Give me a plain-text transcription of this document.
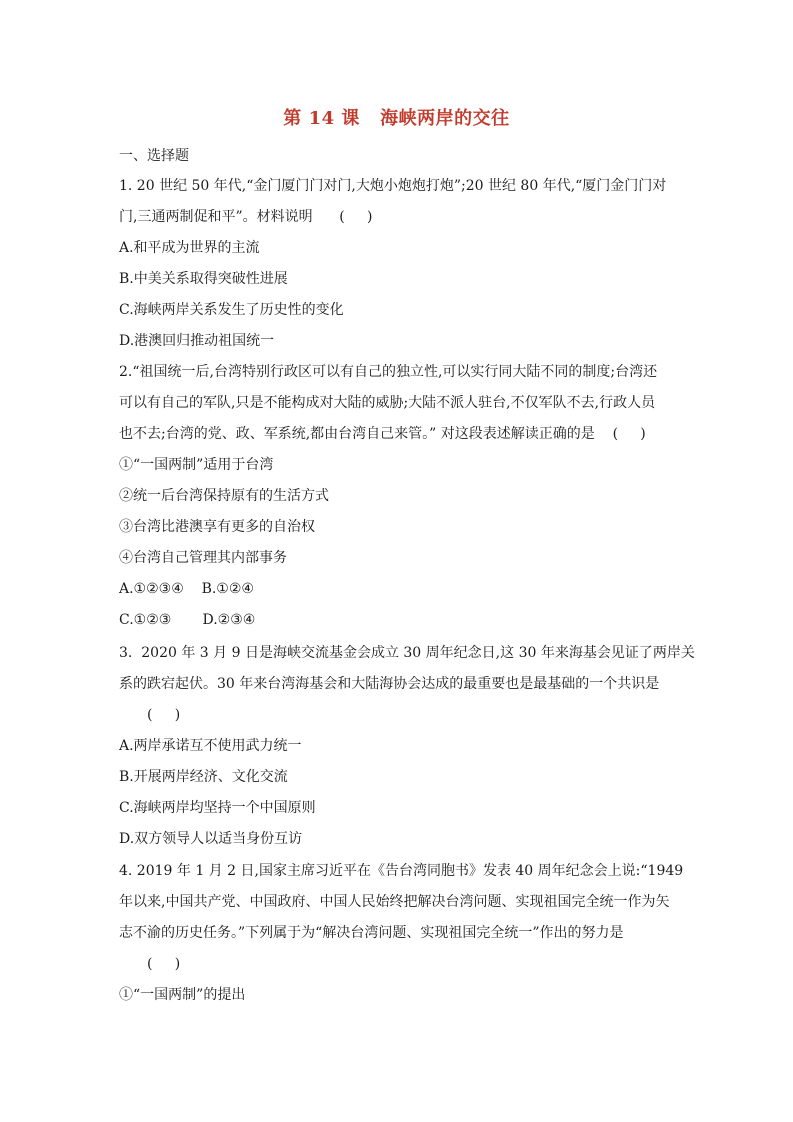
第 14 课   海峡两岸的交往
一、选择题
1. 20 世纪 50 年代,“金门厦门门对门,大炮小炮炮打炮”;20 世纪 80 年代,“厦门金门门对
门,三通两制促和平”。材料说明      (     )
A.和平成为世界的主流
B.中美关系取得突破性进展
C.海峡两岸关系发生了历史性的变化
D.港澳回归推动祖国统一
2.“祖国统一后,台湾特别行政区可以有自己的独立性,可以实行同大陆不同的制度;台湾还
可以有自己的军队,只是不能构成对大陆的威胁;大陆不派人驻台,不仅军队不去,行政人员
也不去;台湾的党、政、军系统,都由台湾自己来管。” 对这段表述解读正确的是    (     )
①“一国两制”适用于台湾
②统一后台湾保持原有的生活方式
③台湾比港澳享有更多的自治权
④台湾自己管理其内部事务
A.①②③④    B.①②④
C.①②③       D.②③④
3.  2020 年 3 月 9 日是海峡交流基金会成立 30 周年纪念日,这 30 年来海基会见证了两岸关
系的跌宕起伏。30 年来台湾海基会和大陆海协会达成的最重要也是最基础的一个共识是
(     )
A.两岸承诺互不使用武力统一
B.开展两岸经济、文化交流
C.海峡两岸均坚持一个中国原则
D.双方领导人以适当身份互访
4. 2019 年 1 月 2 日,国家主席习近平在《告台湾同胞书》发表 40 周年纪念会上说:“1949
年以来,中国共产党、中国政府、中国人民始终把解决台湾问题、实现祖国完全统一作为矢
志不渝的历史任务。”下列属于为“解决台湾问题、实现祖国完全统一”作出的努力是
(     )
①“一国两制”的提出
